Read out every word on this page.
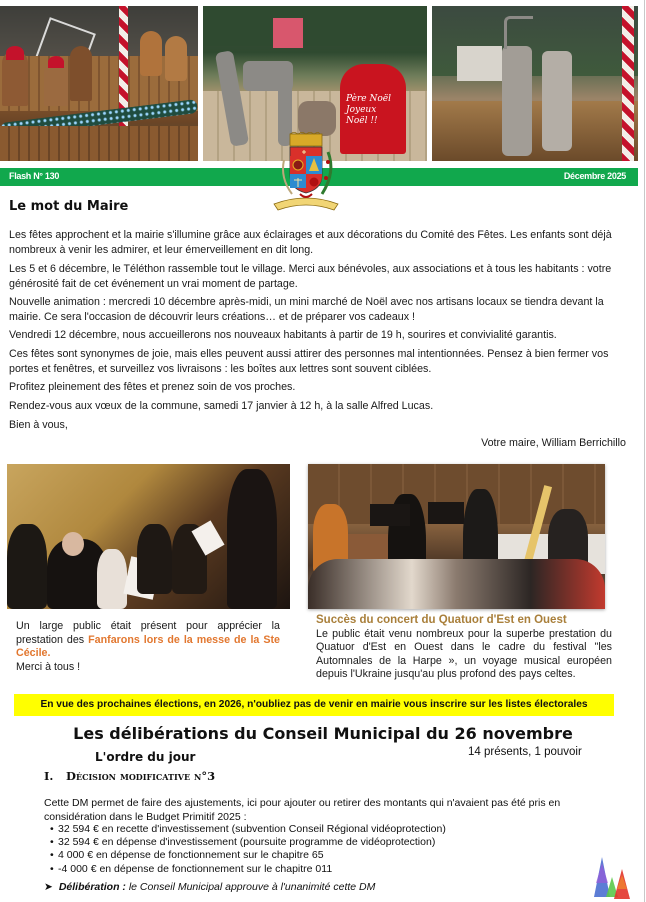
Père Noël
Joyeux
Noël !!
Flash N° 130	Décembre 2025
Le mot du Maire

Les fêtes approchent et la mairie s'illumine grâce aux éclairages et aux décorations du Comité des Fêtes. Les enfants sont déjà nombreux à venir les admirer, et leur émerveillement en dit long.

Les 5 et 6 décembre, le Téléthon rassemble tout le village. Merci aux bénévoles, aux associations et à tous les habitants : votre générosité fait de cet événement un vrai moment de partage.

Nouvelle animation : mercredi 10 décembre après-midi, un mini marché de Noël avec nos artisans locaux se tiendra devant la mairie. Ce sera l'occasion de découvrir leurs créations… et de préparer vos cadeaux !

Vendredi 12 décembre, nous accueillerons nos nouveaux habitants à partir de 19 h, sourires et convivialité garantis.

Ces fêtes sont synonymes de joie, mais elles peuvent aussi attirer des personnes mal intentionnées. Pensez à bien fermer vos portes et fenêtres, et surveillez vos livraisons : les boîtes aux lettres sont souvent ciblées.

Profitez pleinement des fêtes et prenez soin de vos proches.

Rendez-vous aux vœux de la commune, samedi 17 janvier à 12 h, à la salle Alfred Lucas.

Bien à vous,

Votre maire, William Berrichillo
Un large public était présent pour apprécier la prestation des Fanfarons lors de la messe de la Ste Cécile.
Merci à tous !
Succès du concert du Quatuor d'Est en Ouest
Le public était venu nombreux pour la superbe prestation du Quatuor d'Est en Ouest dans le cadre du festival "les Automnales de la Harpe », un voyage musical européen depuis l'Ukraine jusqu'au plus profond des pays celtes.
En vue des prochaines élections, en 2026, n'oubliez pas de venir en mairie vous inscrire sur les listes électorales
Les délibérations du Conseil Municipal du 26 novembre
L'ordre du jour	14 présents, 1 pouvoir
I. Décision modificative n°3
Cette DM permet de faire des ajustements, ici pour ajouter ou retirer des montants qui n'avaient pas été pris en considération dans le Budget Primitif 2025 :
• 32 594 € en recette d'investissement (subvention Conseil Régional vidéoprotection)
• 32 594 € en dépense d'investissement (poursuite programme de vidéoprotection)
• 4 000 € en dépense de fonctionnement sur le chapitre 65
• -4 000 € en dépense de fonctionnement sur le chapitre 011
➤ Délibération : le Conseil Municipal approuve à l'unanimité cette DM
